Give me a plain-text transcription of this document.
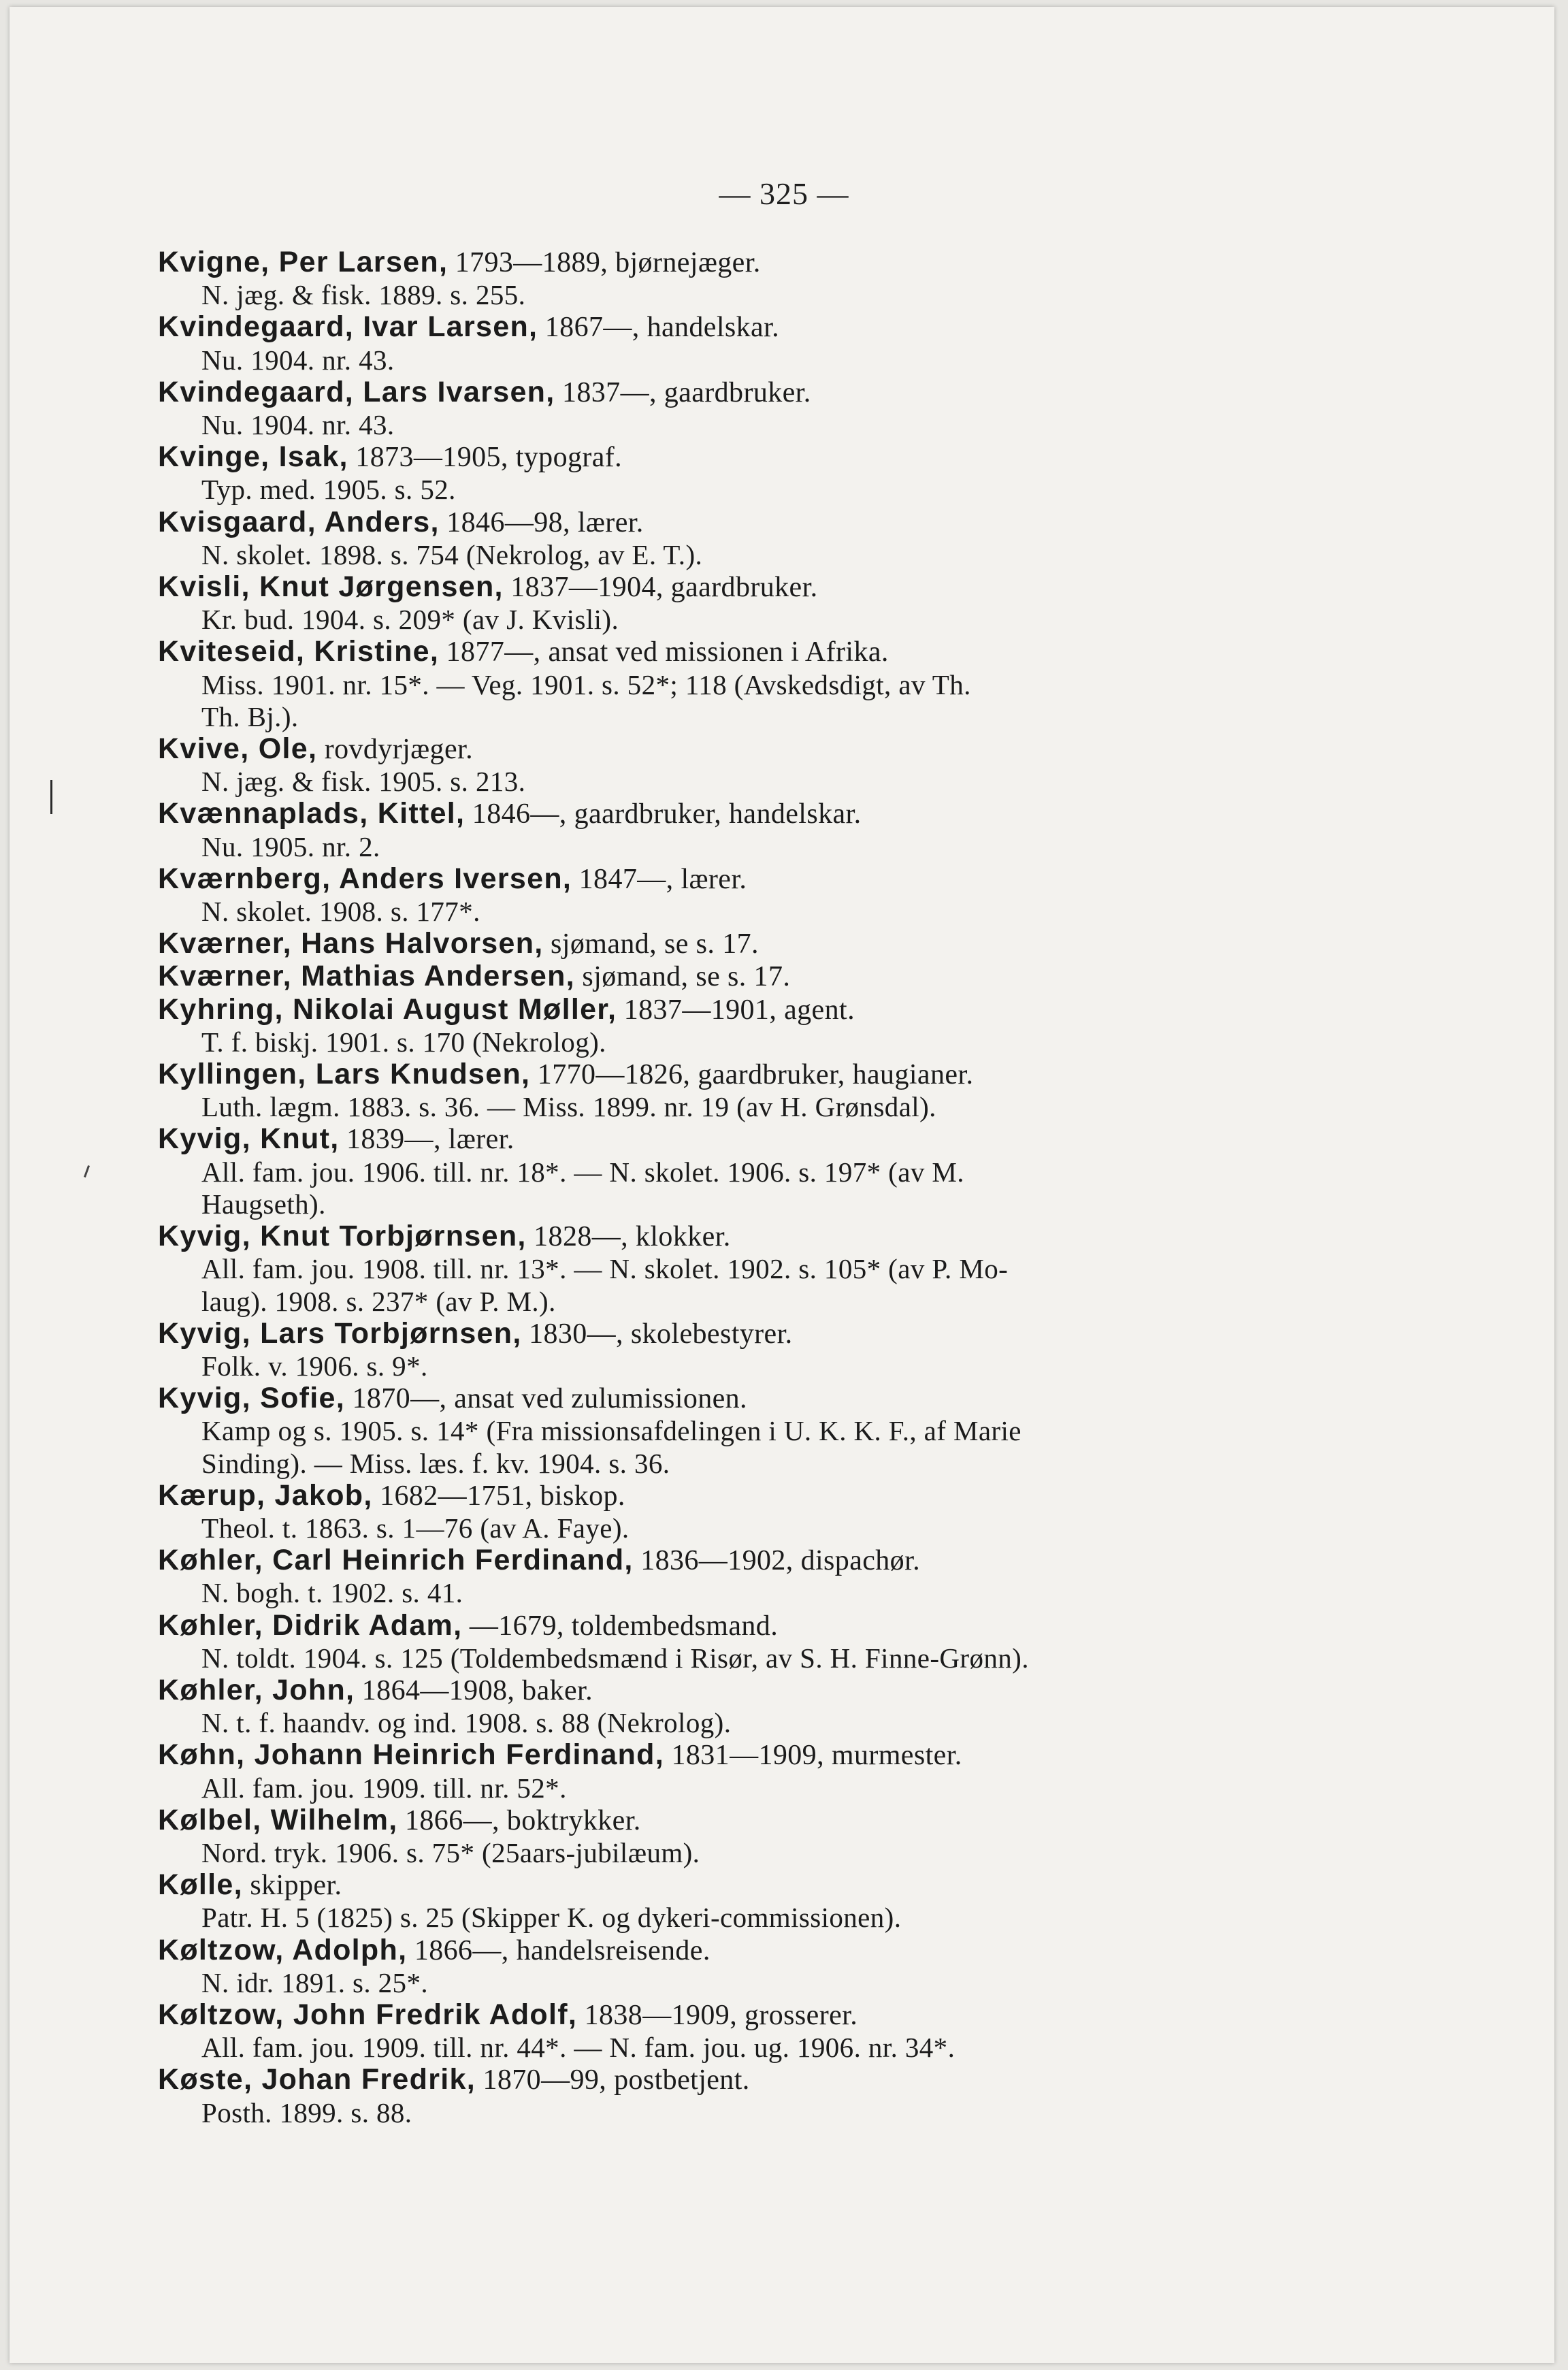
— 325 —
Kvigne, Per Larsen, 1793—1889, bjørnejæger.
N. jæg. & fisk. 1889. s. 255.
Kvindegaard, Ivar Larsen, 1867—, handelskar.
Nu. 1904. nr. 43.
Kvindegaard, Lars Ivarsen, 1837—, gaardbruker.
Nu. 1904. nr. 43.
Kvinge, Isak, 1873—1905, typograf.
Typ. med. 1905. s. 52.
Kvisgaard, Anders, 1846—98, lærer.
N. skolet. 1898. s. 754 (Nekrolog, av E. T.).
Kvisli, Knut Jørgensen, 1837—1904, gaardbruker.
Kr. bud. 1904. s. 209* (av J. Kvisli).
Kviteseid, Kristine, 1877—, ansat ved missionen i Afrika.
Miss. 1901. nr. 15*. — Veg. 1901. s. 52*; 118 (Avskedsdigt, av Th.
Th. Bj.).
Kvive, Ole, rovdyrjæger.
N. jæg. & fisk. 1905. s. 213.
Kvænnaplads, Kittel, 1846—, gaardbruker, handelskar.
Nu. 1905. nr. 2.
Kværnberg, Anders Iversen, 1847—, lærer.
N. skolet. 1908. s. 177*.
Kværner, Hans Halvorsen, sjømand, se s. 17.
Kværner, Mathias Andersen, sjømand, se s. 17.
Kyhring, Nikolai August Møller, 1837—1901, agent.
T. f. biskj. 1901. s. 170 (Nekrolog).
Kyllingen, Lars Knudsen, 1770—1826, gaardbruker, haugianer.
Luth. lægm. 1883. s. 36. — Miss. 1899. nr. 19 (av H. Grønsdal).
Kyvig, Knut, 1839—, lærer.
All. fam. jou. 1906. till. nr. 18*. — N. skolet. 1906. s. 197* (av M.
Haugseth).
Kyvig, Knut Torbjørnsen, 1828—, klokker.
All. fam. jou. 1908. till. nr. 13*. — N. skolet. 1902. s. 105* (av P. Mo-
laug). 1908. s. 237* (av P. M.).
Kyvig, Lars Torbjørnsen, 1830—, skolebestyrer.
Folk. v. 1906. s. 9*.
Kyvig, Sofie, 1870—, ansat ved zulumissionen.
Kamp og s. 1905. s. 14* (Fra missionsafdelingen i U. K. K. F., af Marie
Sinding). — Miss. læs. f. kv. 1904. s. 36.
Kærup, Jakob, 1682—1751, biskop.
Theol. t. 1863. s. 1—76 (av A. Faye).
Køhler, Carl Heinrich Ferdinand, 1836—1902, dispachør.
N. bogh. t. 1902. s. 41.
Køhler, Didrik Adam, —1679, toldembedsmand.
N. toldt. 1904. s. 125 (Toldembedsmænd i Risør, av S. H. Finne-Grønn).
Køhler, John, 1864—1908, baker.
N. t. f. haandv. og ind. 1908. s. 88 (Nekrolog).
Køhn, Johann Heinrich Ferdinand, 1831—1909, murmester.
All. fam. jou. 1909. till. nr. 52*.
Kølbel, Wilhelm, 1866—, boktrykker.
Nord. tryk. 1906. s. 75* (25aars-jubilæum).
Kølle, skipper.
Patr. H. 5 (1825) s. 25 (Skipper K. og dykeri-commissionen).
Køltzow, Adolph, 1866—, handelsreisende.
N. idr. 1891. s. 25*.
Køltzow, John Fredrik Adolf, 1838—1909, grosserer.
All. fam. jou. 1909. till. nr. 44*. — N. fam. jou. ug. 1906. nr. 34*.
Køste, Johan Fredrik, 1870—99, postbetjent.
Posth. 1899. s. 88.
